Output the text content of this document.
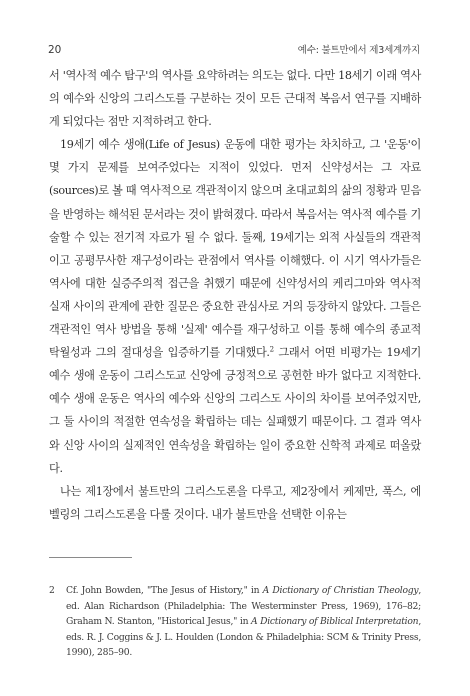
20	예수: 불트만에서 제3세계까지

서 '역사적 예수 탐구'의 역사를 요약하려는 의도는 없다. 다만 18세기 이래 역사의 예수와 신앙의 그리스도를 구분하는 것이 모든 근대적 복음서 연구를 지배하게 되었다는 점만 지적하려고 한다.

19세기 예수 생애(Life of Jesus) 운동에 대한 평가는 차치하고, 그 '운동'이 몇 가지 문제를 보여주었다는 지적이 있었다. 먼저 신약성서는 그 자료(sources)로 볼 때 역사적으로 객관적이지 않으며 초대교회의 삶의 정황과 믿음을 반영하는 해석된 문서라는 것이 밝혀졌다. 따라서 복음서는 역사적 예수를 기술할 수 있는 전기적 자료가 될 수 없다. 둘째, 19세기는 외적 사실들의 객관적이고 공평무사한 재구성이라는 관점에서 역사를 이해했다. 이 시기 역사가들은 역사에 대한 실증주의적 접근을 취했기 때문에 신약성서의 케리그마와 역사적 실재 사이의 관계에 관한 질문은 중요한 관심사로 거의 등장하지 않았다. 그들은 객관적인 역사 방법을 통해 '실제' 예수를 재구성하고 이를 통해 예수의 종교적 탁월성과 그의 절대성을 입증하기를 기대했다.$^2$ 그래서 어떤 비평가는 19세기 예수 생애 운동이 그리스도교 신앙에 긍정적으로 공헌한 바가 없다고 지적한다. 예수 생애 운동은 역사의 예수와 신앙의 그리스도 사이의 차이를 보여주었지만, 그 둘 사이의 적절한 연속성을 확립하는 데는 실패했기 때문이다. 그 결과 역사와 신앙 사이의 실제적인 연속성을 확립하는 일이 중요한 신학적 과제로 떠올랐다.

나는 제1장에서 불트만의 그리스도론을 다루고, 제2장에서 케제만, 푹스, 에벨링의 그리스도론을 다룰 것이다. 내가 불트만을 선택한 이유는

2	Cf. John Bowden, "The Jesus of History," in A Dictionary of Christian Theology, ed. Alan Richardson (Philadelphia: The Westerminster Press, 1969), 176–82; Graham N. Stanton, "Historical Jesus," in A Dictionary of Biblical Interpretation, eds. R. J. Coggins & J. L. Houlden (London & Philadelphia: SCM & Trinity Press, 1990), 285–90.
